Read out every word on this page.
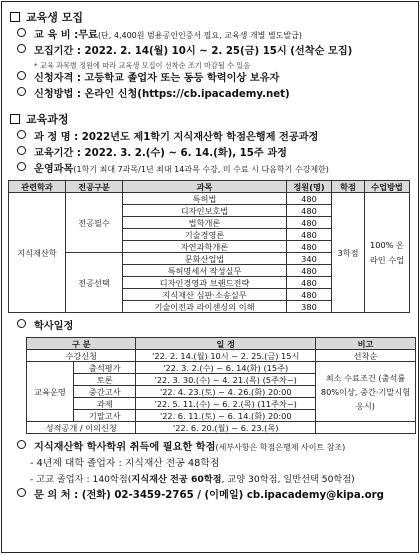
교육생 모집
교 육 비 : 무료 (단, 4,400원 범용공인인증서 필요, 교육생 개별 별도발급)
모집기간 : 2022. 2. 14(월) 10시 ~ 2. 25(금) 15시 (선착순 모집)
* 교육 과목별 정원에 따라 교육생 모집이 선착순 조기 마감될 수 있음
신청자격 : 고등학교 졸업자 또는 동등 학력이상 보유자
신청방법 : 온라인 신청(https://cb.ipacademy.net)
교육과정
과 정 명 : 2022년도 제1학기 지식재산학 학점은행제 전공과정
교육기간 : 2022. 3. 2.(수) ~ 6. 14.(화), 15주 과정
운영과목 (1학기 최대 7과목/1년 최대 14과목 수강, 미 수료 시 다음학기 수강제한)
관련학과	전공구분	과목	정원(명)	학점	수업방법
지식재산학	전공필수	특허법	480	3학점	100% 온라인 수업
		디자인보호법	480		
		법학개론	480		
		기술경영론	480		
		자연과학개론	480		
	전공선택	문화산업법	340		
		특허명세서 작성실무	480		
		디자인경영과 브랜드전략	480		
		지식재산 심판·소송실무	480		
		기술이전과 라이센싱의 이해	380		
학사일정
구 분		일 정	비고
수강신청		'22. 2. 14.(월) 10시 ~ 2. 25.(금) 15시	선착순
교육운영	출석평가	'22. 3. 2.(수) ~ 6. 14(화) (15주)	최소 수료조건 (출석률 80%이상, 중간·기말시험 응시)
	토론	'22. 3. 30.(수) ~ 4. 21.(목) (5주차~)	
	중간고사	'22. 4. 23.(토) ~ 4. 26.(화) 20:00	
	과제	'22. 5. 11.(수) ~ 6. 2.(목) (11주차~)	
	기말고사	'22. 6. 11.(토) ~ 6. 14.(화) 20:00	
성적공개 / 이의신청		'22. 6. 20.(월) ~ 6. 23.(목)	
지식재산학 학사학위 취득에 필요한 학점 (세부사항은 학점은행제 사이트 참조)
- 4년제 대학 졸업자 : 지식재산 전공 48학점
- 고교 졸업자 : 140학점(지식재산 전공 60학점, 교양 30학점, 일반선택 50학점)
문 의 처 : (전화) 02-3459-2765 / (이메일) cb.ipacademy@kipa.org
